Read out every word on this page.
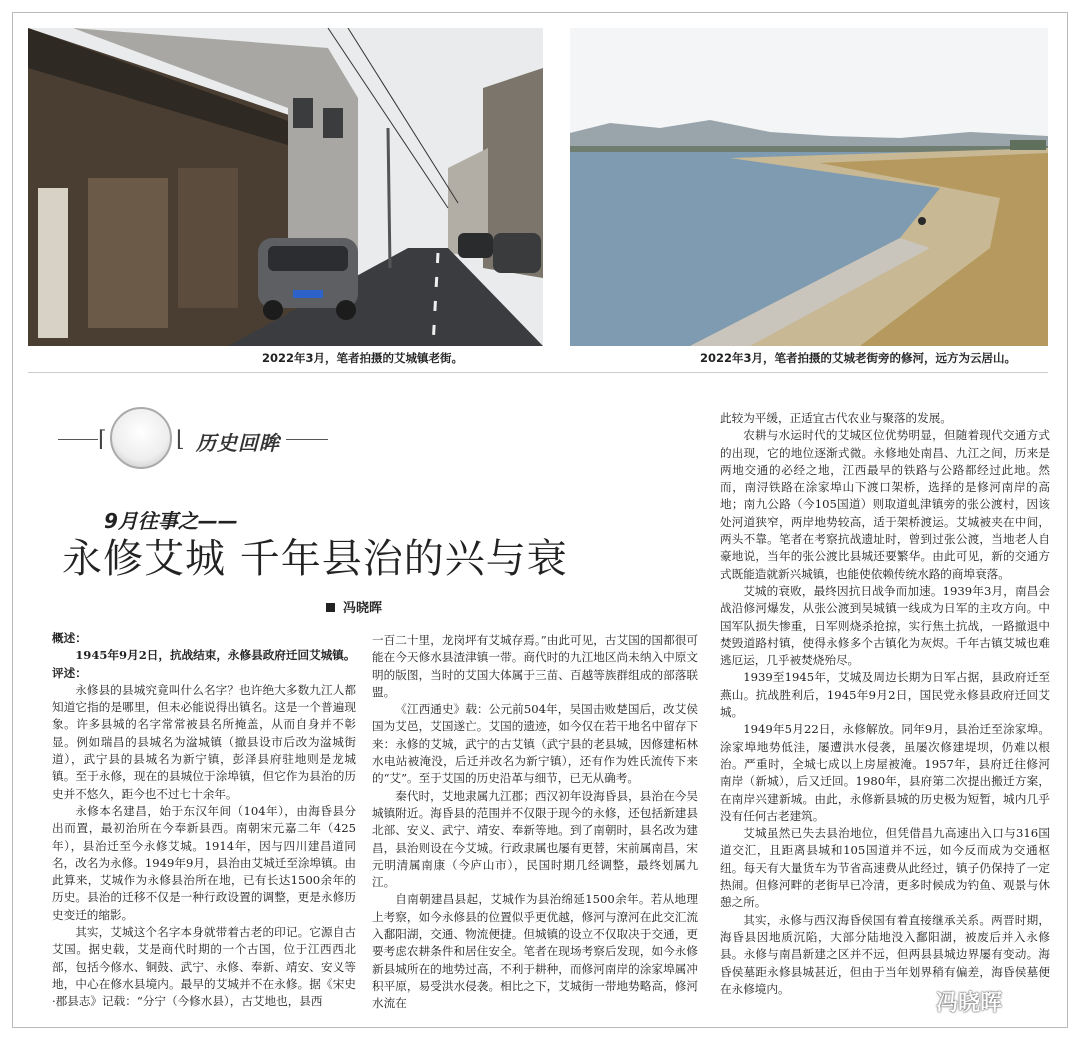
2022年3月，笔者拍摄的艾城镇老街。	2022年3月，笔者拍摄的艾城老街旁的修河，远方为云居山。
⌈	⌊ 历史回眸
9月往事之——
永修艾城 千年县治的兴与衰
冯晓晖

概述：

1945年9月2日，抗战结束，永修县政府迁回艾城镇。

评述：

永修县的县城究竟叫什么名字？也许绝大多数九江人都知道它指的是哪里，但未必能说得出镇名。这是一个普遍现象。许多县城的名字常常被县名所掩盖，从而自身并不彰显。例如瑞昌的县城名为湓城镇（撤县设市后改为湓城街道），武宁县的县城名为新宁镇，彭泽县府驻地则是龙城镇。至于永修，现在的县城位于涂埠镇，但它作为县治的历史并不悠久，距今也不过七十余年。

永修本名建昌，始于东汉年间（104年），由海昏县分出而置，最初治所在今奉新县西。南朝宋元嘉二年（425年），县治迁至今永修艾城。1914年，因与四川建昌道同名，改名为永修。1949年9月，县治由艾城迁至涂埠镇。由此算来，艾城作为永修县治所在地，已有长达1500余年的历史。县治的迁移不仅是一种行政设置的调整，更是永修历史变迁的缩影。

其实，艾城这个名字本身就带着古老的印记。它源自古艾国。据史载，艾是商代时期的一个古国，位于江西西北部，包括今修水、铜鼓、武宁、永修、奉新、靖安、安义等地，中心在修水县境内。最早的艾城并不在永修。据《宋史·郡县志》记载：“分宁（今修水县），古艾地也，县西

一百二十里，龙岗坪有艾城存焉。”由此可见，古艾国的国都很可能在今天修水县渣津镇一带。商代时的九江地区尚未纳入中原文明的版图，当时的艾国大体属于三苗、百越等族群组成的部落联盟。

《江西通史》载：公元前504年，吴国击败楚国后，改艾侯国为艾邑，艾国遂亡。艾国的遗迹，如今仅在若干地名中留存下来：永修的艾城，武宁的古艾镇（武宁县的老县城，因修建柘林水电站被淹没，后迁并改名为新宁镇），还有作为姓氏流传下来的“艾”。至于艾国的历史沿革与细节，已无从确考。

秦代时，艾地隶属九江郡；西汉初年设海昏县，县治在今吴城镇附近。海昏县的范围并不仅限于现今的永修，还包括新建县北部、安义、武宁、靖安、奉新等地。到了南朝时，县名改为建昌，县治则设在今艾城。行政隶属也屡有更替，宋前属南昌，宋元明清属南康（今庐山市），民国时期几经调整，最终划属九江。

自南朝建昌县起，艾城作为县治绵延1500余年。若从地理上考察，如今永修县的位置似乎更优越，修河与潦河在此交汇流入鄱阳湖，交通、物流便捷。但城镇的设立不仅取决于交通，更要考虑农耕条件和居住安全。笔者在现场考察后发现，如今永修新县城所在的地势过高，不利于耕种，而修河南岸的涂家埠属冲积平原，易受洪水侵袭。相比之下，艾城街一带地势略高，修河水流在

此较为平缓，正适宜古代农业与聚落的发展。

农耕与水运时代的艾城区位优势明显，但随着现代交通方式的出现，它的地位逐渐式微。永修地处南昌、九江之间，历来是两地交通的必经之地，江西最早的铁路与公路都经过此地。然而，南浔铁路在涂家埠山下渡口架桥，选择的是修河南岸的高地；南九公路（今105国道）则取道虬津镇旁的张公渡村，因该处河道狭窄，两岸地势较高，适于架桥渡运。艾城被夹在中间，两头不靠。笔者在考察抗战遗址时，曾到过张公渡，当地老人自豪地说，当年的张公渡比县城还要繁华。由此可见，新的交通方式既能造就新兴城镇，也能使依赖传统水路的商埠衰落。

艾城的衰败，最终因抗日战争而加速。1939年3月，南昌会战沿修河爆发，从张公渡到吴城镇一线成为日军的主攻方向。中国军队损失惨重，日军则烧杀抢掠，实行焦土抗战，一路撤退中焚毁道路村镇，使得永修多个古镇化为灰烬。千年古镇艾城也难逃厄运，几乎被焚烧殆尽。

1939至1945年，艾城及周边长期为日军占据，县政府迁至燕山。抗战胜利后，1945年9月2日，国民党永修县政府迁回艾城。

1949年5月22日，永修解放。同年9月，县治迁至涂家埠。涂家埠地势低洼，屡遭洪水侵袭，虽屡次修建堤坝，仍难以根治。严重时，全城七成以上房屋被淹。1957年，县府迁往修河南岸（新城），后又迁回。1980年，县府第二次提出搬迁方案，在南岸兴建新城。由此，永修新县城的历史极为短暂，城内几乎没有任何古老建筑。

艾城虽然已失去县治地位，但凭借昌九高速出入口与316国道交汇，且距离县城和105国道并不远，如今反而成为交通枢纽。每天有大量货车为节省高速费从此经过，镇子仍保持了一定热闹。但修河畔的老街早已冷清，更多时候成为钓鱼、观景与休憩之所。

其实，永修与西汉海昏侯国有着直接继承关系。两晋时期，海昏县因地质沉陷，大部分陆地没入鄱阳湖，被废后并入永修县。永修与南昌新建之区并不远，但两县县城边界屡有变动。海昏侯墓距永修县城甚近，但由于当年划界稍有偏差，海昏侯墓便在永修境内。

冯晓晖
